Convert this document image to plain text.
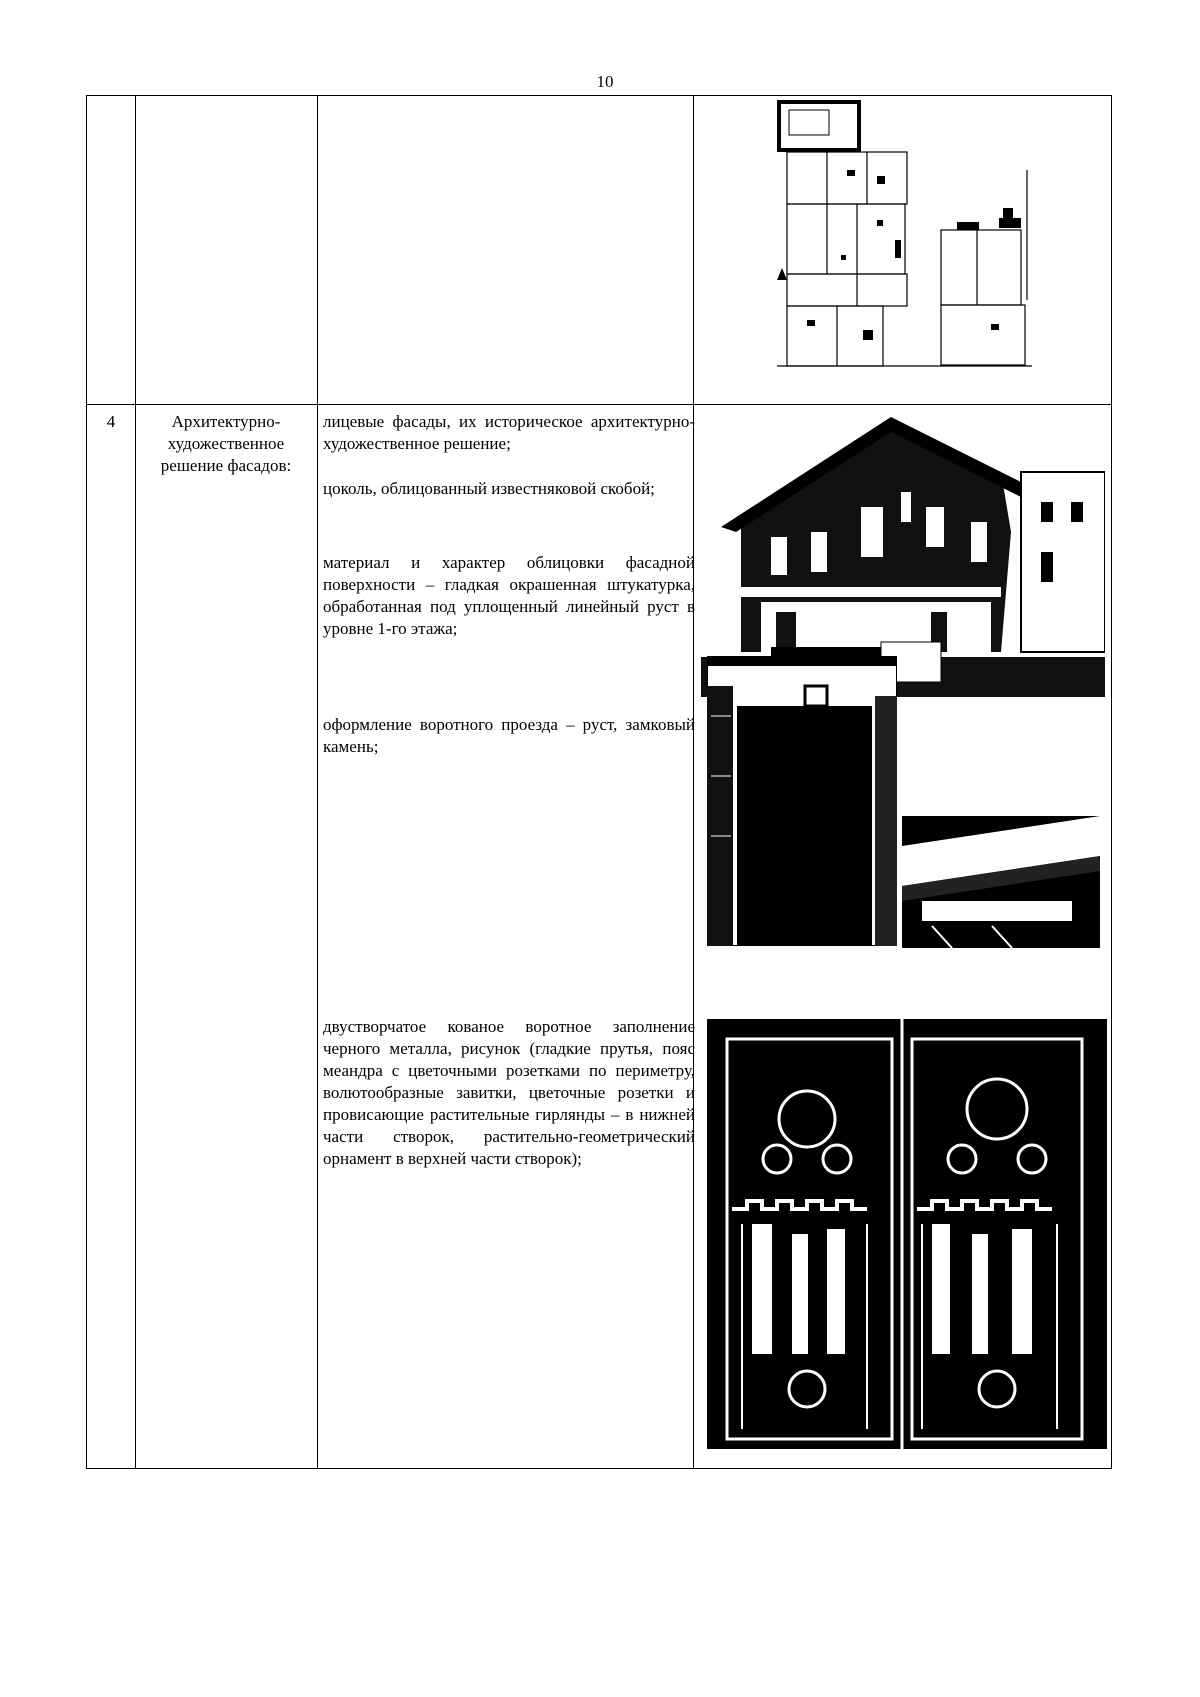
10
4	Архитектурно-художественное решение фасадов:
лицевые фасады, их историческое архитектурно-художественное решение;
цоколь, облицованный известняковой скобой;
материал и характер облицовки фасадной поверхности – гладкая окрашенная штукатурка, обработанная под уплощенный линейный руст в уровне 1-го этажа;
оформление воротного проезда – руст, замковый камень;
двустворчатое кованое воротное заполнение черного металла, рисунок (гладкие прутья, пояс меандра с цветочными розетками по периметру, волютообразные завитки, цветочные розетки и провисающие растительные гирлянды – в нижней части створок, растительно-геометрический орнамент в верхней части створок);
